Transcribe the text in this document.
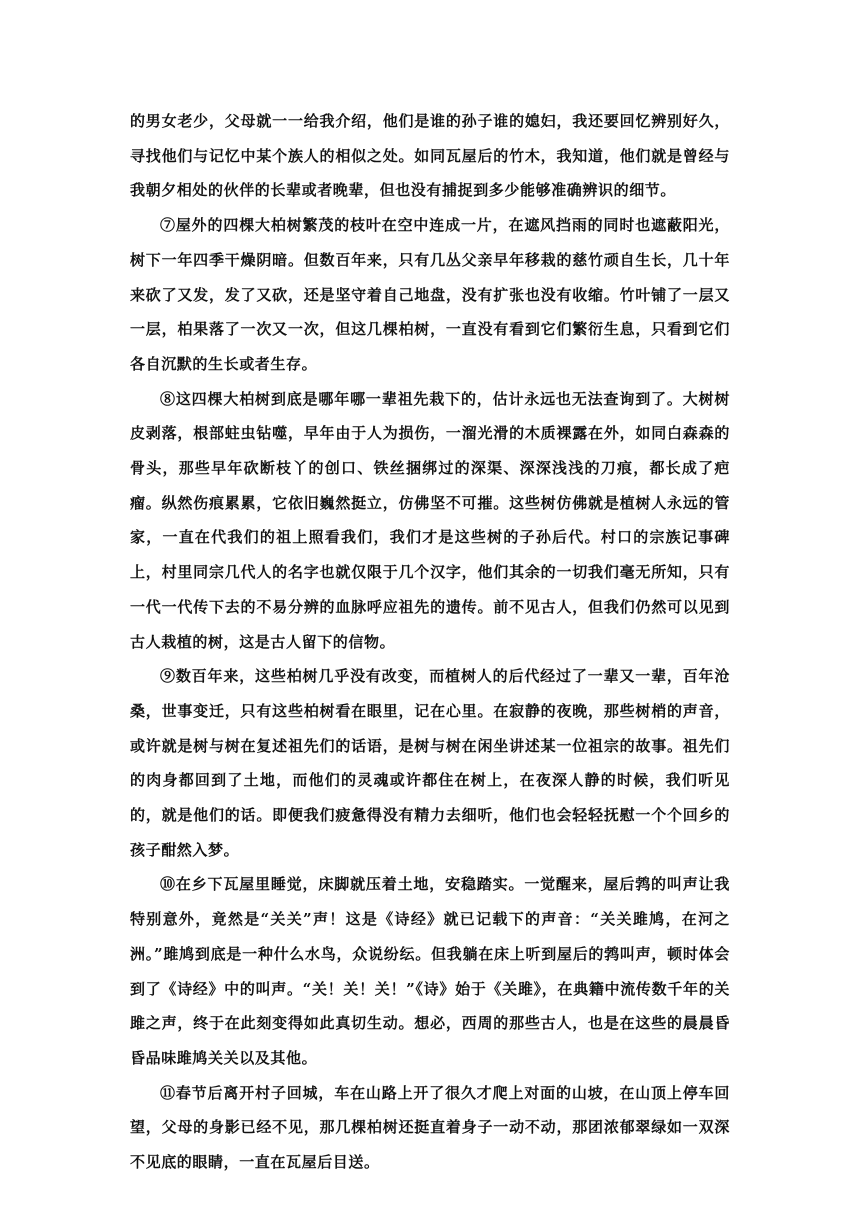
的男女老少，父母就一一给我介绍，他们是谁的孙子谁的媳妇，我还要回忆辨别好久，寻找他们与记忆中某个族人的相似之处。如同瓦屋后的竹木，我知道，他们就是曾经与我朝夕相处的伙伴的长辈或者晚辈，但也没有捕捉到多少能够准确辨识的细节。

⑦屋外的四棵大柏树繁茂的枝叶在空中连成一片，在遮风挡雨的同时也遮蔽阳光，树下一年四季干燥阴暗。但数百年来，只有几丛父亲早年移栽的慈竹顽自生长，几十年来砍了又发，发了又砍，还是坚守着自己地盘，没有扩张也没有收缩。竹叶铺了一层又一层，柏果落了一次又一次，但这几棵柏树，一直没有看到它们繁衍生息，只看到它们各自沉默的生长或者生存。

⑧这四棵大柏树到底是哪年哪一辈祖先栽下的，估计永远也无法查询到了。大树树皮剥落，根部蛀虫钻噬，早年由于人为损伤，一溜光滑的木质裸露在外，如同白森森的骨头，那些早年砍断枝丫的创口、铁丝捆绑过的深渠、深深浅浅的刀痕，都长成了疤瘤。纵然伤痕累累，它依旧巍然挺立，仿佛坚不可摧。这些树仿佛就是植树人永远的管家，一直在代我们的祖上照看我们，我们才是这些树的子孙后代。村口的宗族记事碑上，村里同宗几代人的名字也就仅限于几个汉字，他们其余的一切我们毫无所知，只有一代一代传下去的不易分辨的血脉呼应祖先的遗传。前不见古人，但我们仍然可以见到古人栽植的树，这是古人留下的信物。

⑨数百年来，这些柏树几乎没有改变，而植树人的后代经过了一辈又一辈，百年沧桑，世事变迁，只有这些柏树看在眼里，记在心里。在寂静的夜晚，那些树梢的声音，或许就是树与树在复述祖先们的话语，是树与树在闲坐讲述某一位祖宗的故事。祖先们的肉身都回到了土地，而他们的灵魂或许都住在树上，在夜深人静的时候，我们听见的，就是他们的话。即便我们疲惫得没有精力去细听，他们也会轻轻抚慰一个个回乡的孩子酣然入梦。

⑩在乡下瓦屋里睡觉，床脚就压着土地，安稳踏实。一觉醒来，屋后鹁的叫声让我特别意外，竟然是“关关”声！这是《诗经》就已记载下的声音：“关关雎鸠，在河之洲。”雎鸠到底是一种什么水鸟，众说纷纭。但我躺在床上听到屋后的鹁叫声，顿时体会到了《诗经》中的叫声。“关！关！关！”《诗》始于《关雎》，在典籍中流传数千年的关雎之声，终于在此刻变得如此真切生动。想必，西周的那些古人，也是在这些的晨晨昏昏品味雎鸠关关以及其他。

⑪春节后离开村子回城，车在山路上开了很久才爬上对面的山坡，在山顶上停车回望，父母的身影已经不见，那几棵柏树还挺直着身子一动不动，那团浓郁翠绿如一双深不见底的眼睛，一直在瓦屋后目送。
